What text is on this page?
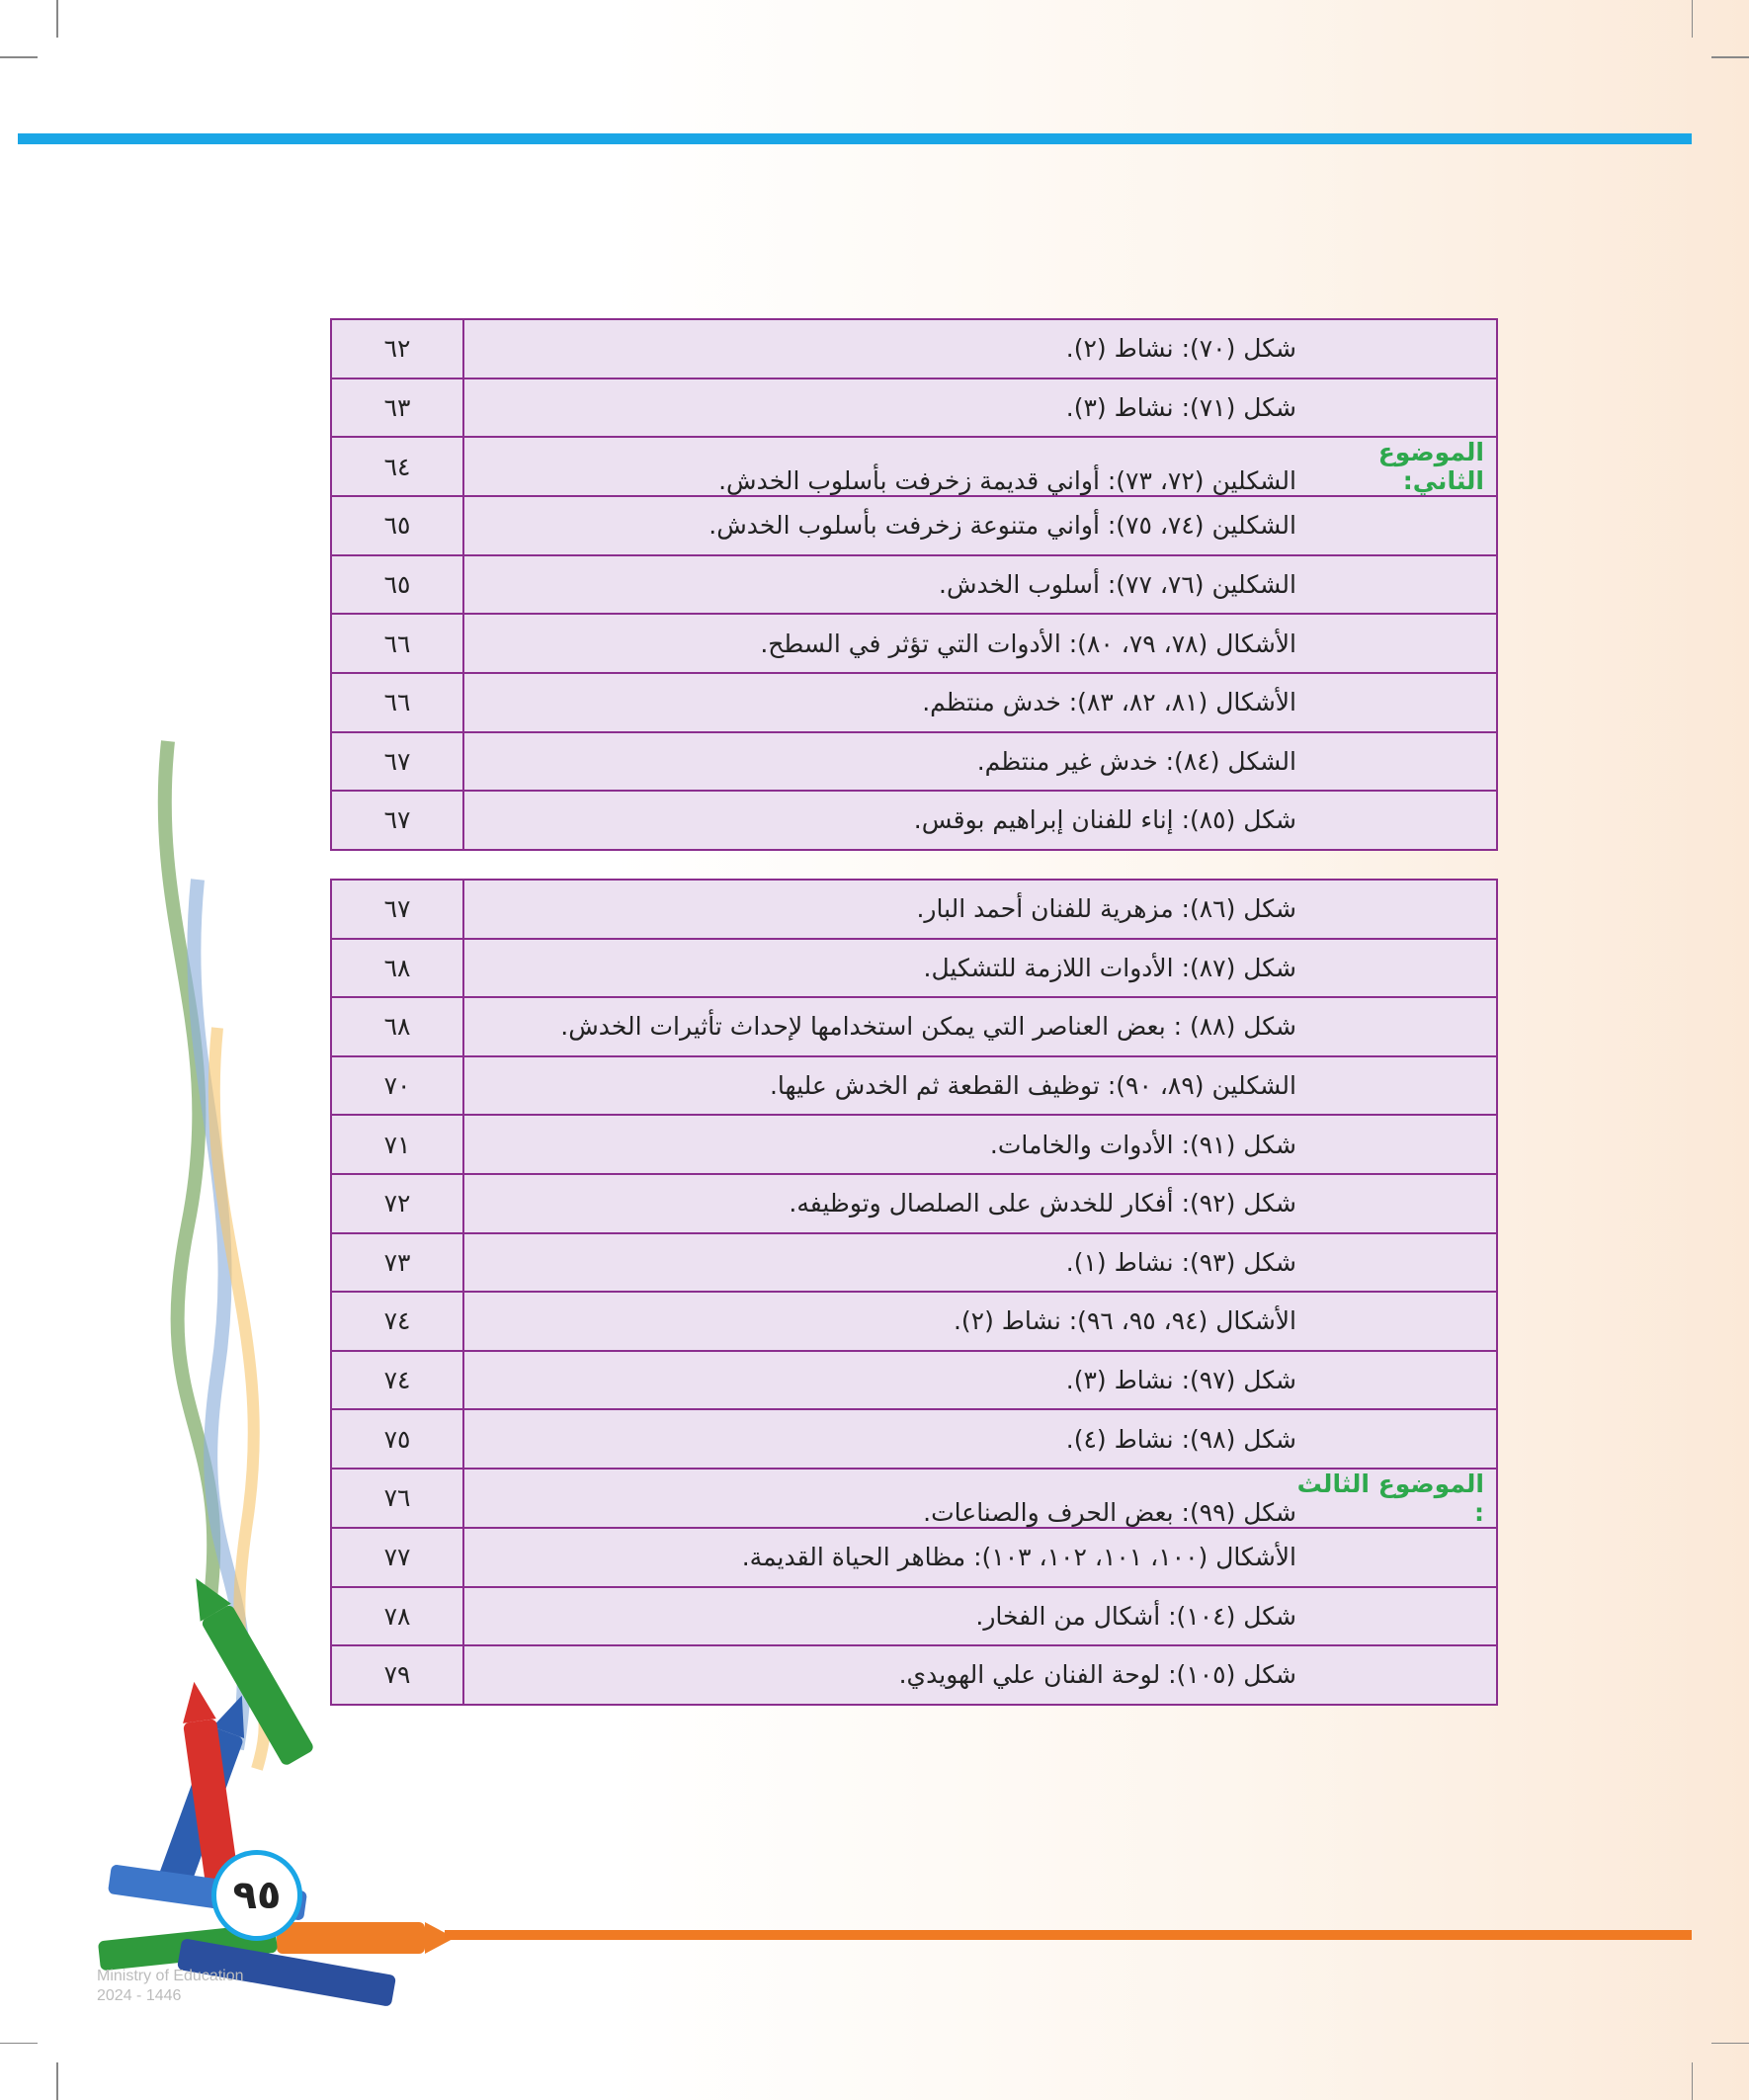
شكل (٧٠): نشاط (٢).	٦٢
شكل (٧١): نشاط (٣).	٦٣
الموضوع الثاني:الشكلين (٧٢، ٧٣): أواني قديمة زخرفت بأسلوب الخدش.	٦٤
الشكلين (٧٤، ٧٥): أواني متنوعة زخرفت بأسلوب الخدش.	٦٥
الشكلين (٧٦، ٧٧): أسلوب الخدش.	٦٥
الأشكال (٧٨، ٧٩، ٨٠): الأدوات التي تؤثر في السطح.	٦٦
الأشكال (٨١، ٨٢، ٨٣): خدش منتظم.	٦٦
الشكل (٨٤): خدش غير منتظم.	٦٧
شكل (٨٥): إناء للفنان إبراهيم بوقس.	٦٧
شكل (٨٦): مزهرية للفنان أحمد البار.	٦٧
شكل (٨٧): الأدوات اللازمة للتشكيل.	٦٨
شكل (٨٨) : بعض العناصر التي يمكن استخدامها لإحداث تأثيرات الخدش.	٦٨
الشكلين (٨٩، ٩٠): توظيف القطعة ثم الخدش عليها.	٧٠
شكل (٩١): الأدوات والخامات.	٧١
شكل (٩٢): أفكار للخدش على الصلصال وتوظيفه.	٧٢
شكل (٩٣): نشاط (١).	٧٣
الأشكال (٩٤، ٩٥، ٩٦): نشاط (٢).	٧٤
شكل (٩٧): نشاط (٣).	٧٤
شكل (٩٨): نشاط (٤).	٧٥
الموضوع الثالث :شكل (٩٩): بعض الحرف والصناعات.	٧٦
الأشكال (١٠٠، ١٠١، ١٠٢، ١٠٣): مظاهر الحياة القديمة.	٧٧
شكل (١٠٤): أشكال من الفخار.	٧٨
شكل (١٠٥): لوحة الفنان علي الهويدي.	٧٩
٩٥
Ministry of Education
2024 - 1446
